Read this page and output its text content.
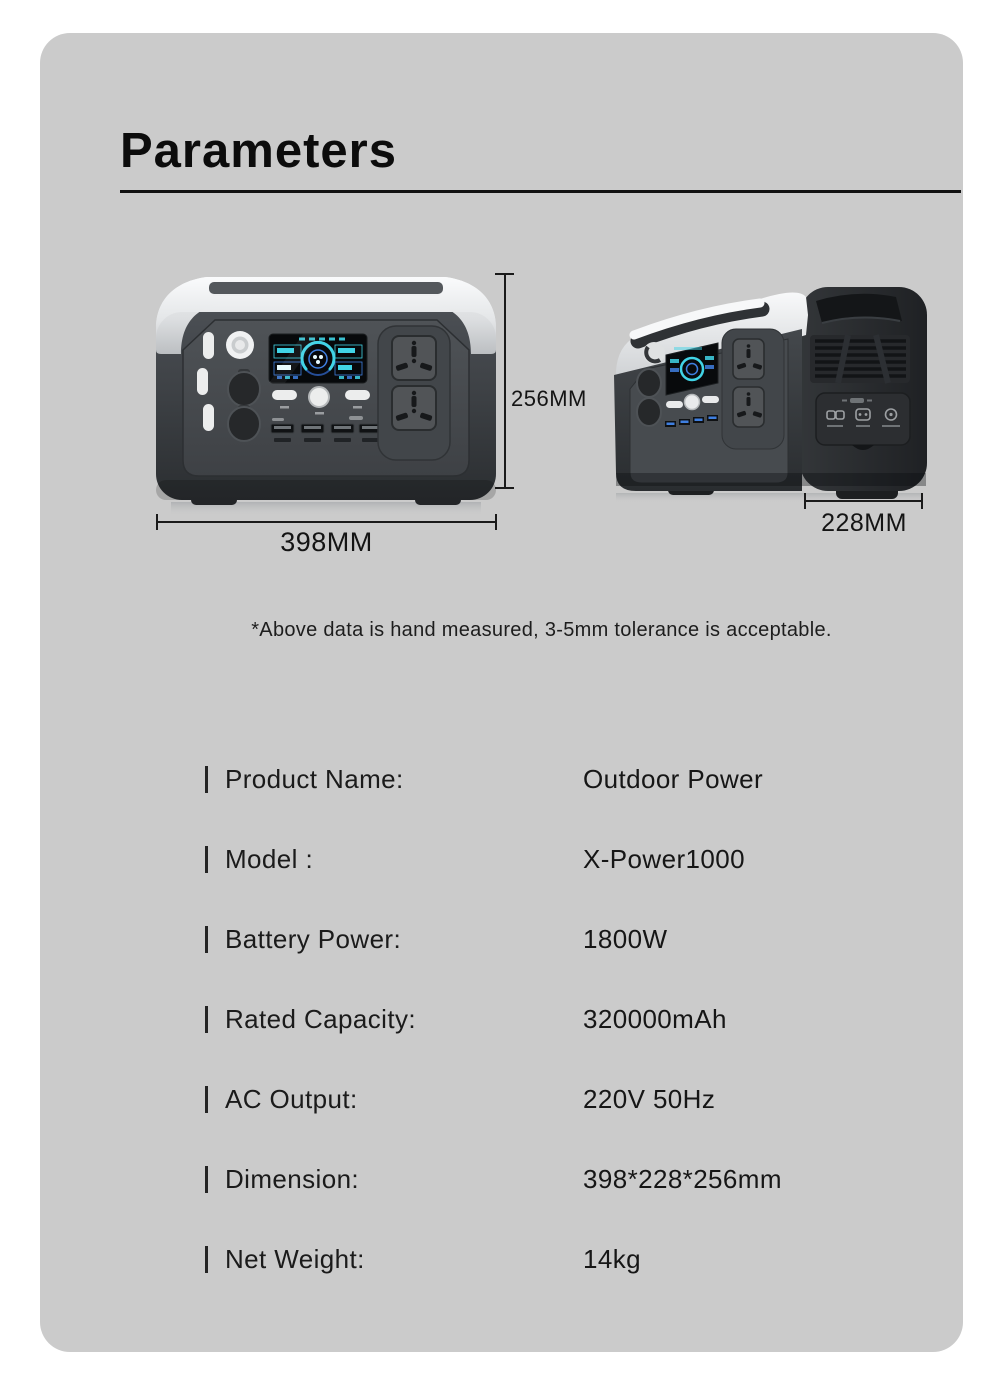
Parameters
256MM
398MM
228MM
*Above data is hand measured, 3-5mm tolerance is acceptable.
Product Name:	Outdoor Power
Model :	X-Power1000
Battery Power:	1800W
Rated Capacity:	320000mAh
AC Output:	220V 50Hz
Dimension:	398*228*256mm
Net Weight:	14kg
